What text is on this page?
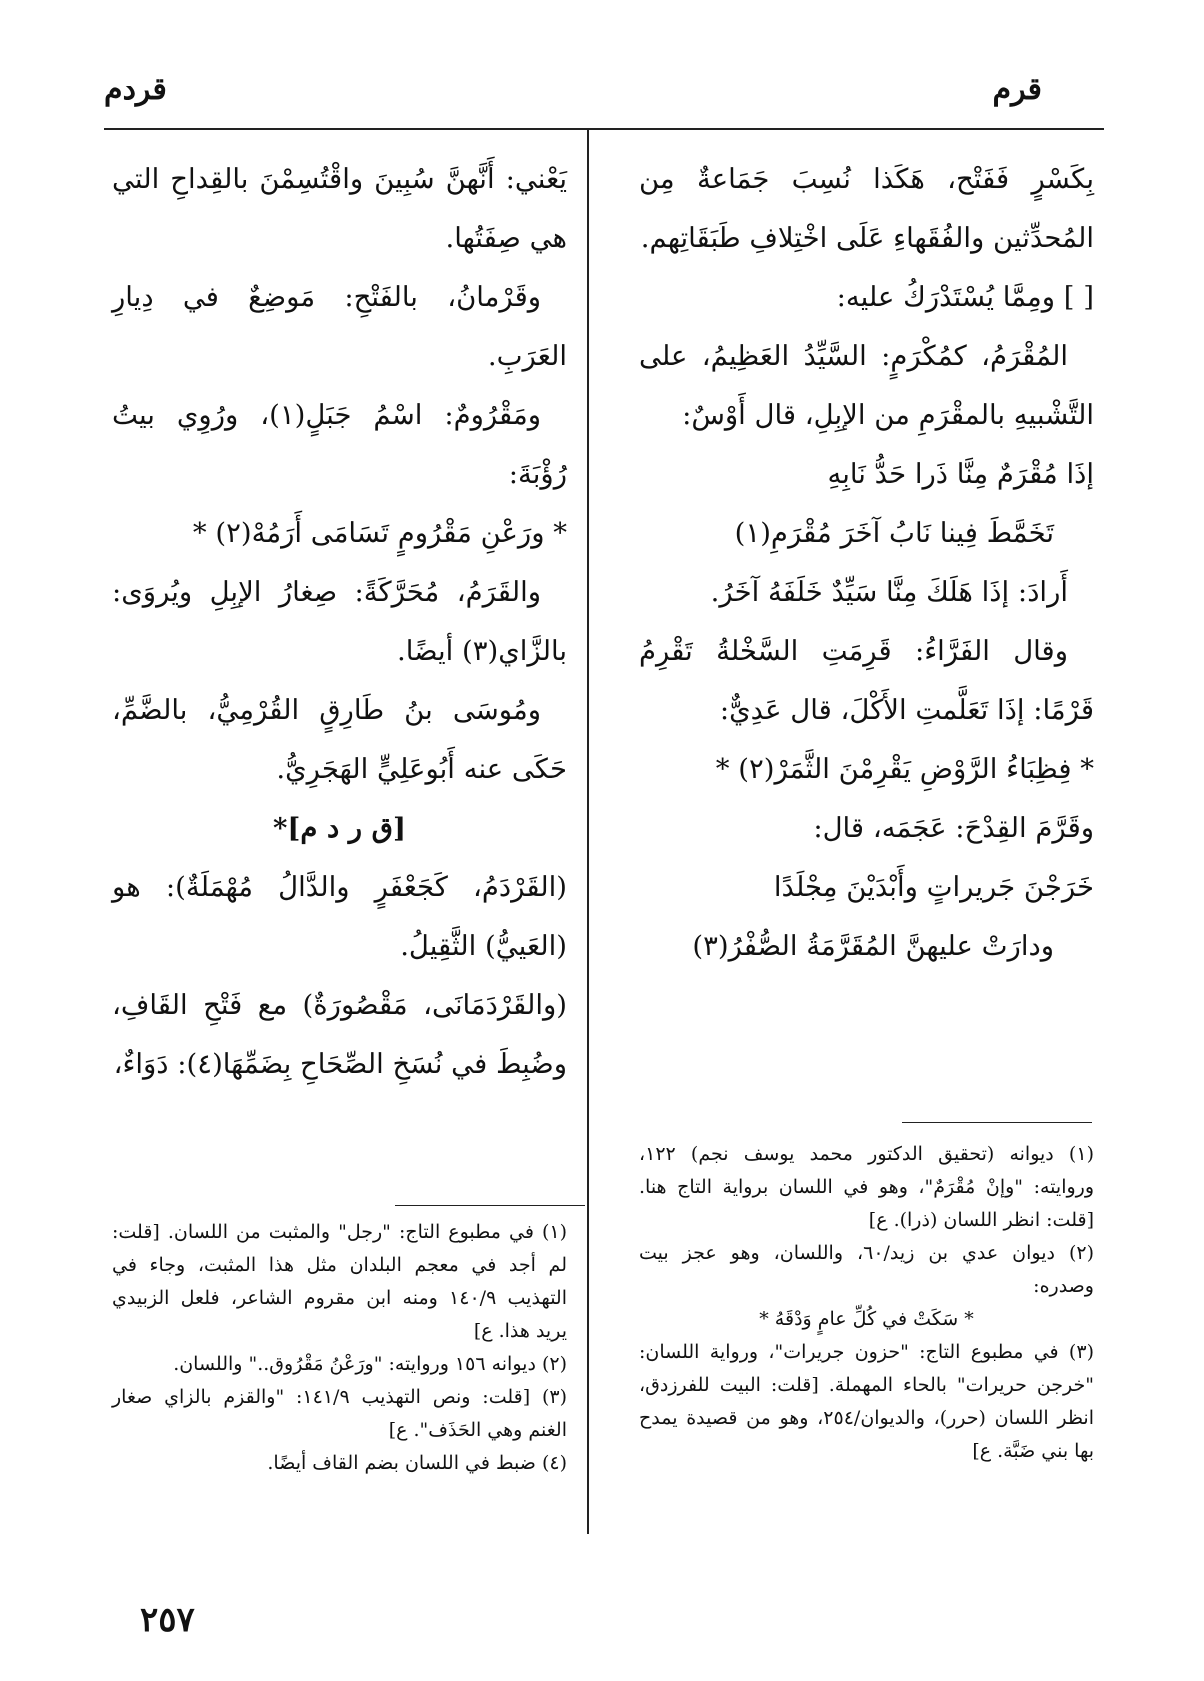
قرم
قردم

بِكَسْرٍ فَفَتْح، هَكَذا نُسِبَ جَمَاعةٌ مِن المُحدِّثين والفُقَهاءِ عَلَى اخْتِلافِ طَبَقَاتِهم.

[ ] ومِمَّا يُسْتَدْرَكُ عليه:

المُقْرَمُ، كمُكْرَمٍ: السَّيِّدُ العَظِيمُ، على التَّشْبيهِ بالمقْرَمِ من الإبِلِ، قال أَوْسٌ:

إذَا مُقْرَمٌ مِنَّا ذَرا حَدُّ نَابِهِ

تَخَمَّطَ فِينا نَابُ آخَرَ مُقْرَمِ(١)

أَرادَ: إذَا هَلَكَ مِنَّا سَيِّدٌ خَلَفَهُ آخَرُ.

وقال الفَرَّاءُ: قَرِمَتِ السَّخْلةُ تَقْرِمُ قَرْمًا: إذَا تَعَلَّمتِ الأَكْلَ، قال عَدِيٌّ:

* فِظِبَاءُ الرَّوْضِ يَقْرِمْنَ الثَّمَرْ(٢) *

وقَرَّمَ القِدْحَ: عَجَمَه، قال:

خَرَجْنَ جَريراتٍ وأَبْدَيْنَ مِجْلَدًا

ودارَتْ عليهنَّ المُقَرَّمَةُ الصُّفْرُ(٣)

(١) ديوانه (تحقيق الدكتور محمد يوسف نجم) ١٢٢، وروايته: "وإنْ مُقْرَمٌ"، وهو في اللسان برواية التاج هنا. [قلت: انظر اللسان (ذرا). ع]

(٢) ديوان عدي بن زيد/٦٠، واللسان، وهو عجز بيت وصدره:

* سَكَتْ في كُلِّ عامٍ وَدْقَهُ *

(٣) في مطبوع التاج: "حزون جريرات"، ورواية اللسان: "خرجن حريرات" بالحاء المهملة. [قلت: البيت للفرزدق، انظر اللسان (حرر)، والديوان/٢٥٤، وهو من قصيدة يمدح بها بني ضَبَّة. ع]

يَعْني: أَنَّهنَّ سُبِينَ واقْتُسِمْنَ بالقِداحِ التي هي صِفَتُها.

وقَرْمانُ، بالفَتْحِ: مَوضِعٌ في دِيارِ العَرَبِ.

ومَقْرُومٌ: اسْمُ جَبَلٍ(١)، ورُوِي بيتُ رُؤْبَةَ:

* ورَعْنِ مَقْرُومٍ تَسَامَى أَرَمُهْ(٢) *

والقَرَمُ، مُحَرَّكَةً: صِغارُ الإبِلِ ويُروَى: بالزَّاي(٣) أيضًا.

ومُوسَى بنُ طَارِقٍ القُرْمِيُّ، بالضَّمِّ، حَكَى عنه أَبُوعَلِيٍّ الهَجَرِيُّ.

[ق ر د م]*

(القَرْدَمُ، كَجَعْفَرٍ والدَّالُ مُهْمَلَةٌ): هو (العَييُّ) الثَّقِيلُ.

(والقَرْدَمَانَى، مَقْصُورَةٌ) مع فَتْحِ القَافِ، وضُبِطَ في نُسَخِ الصِّحَاحِ بِضَمِّهَا(٤): دَوَاءٌ،

(١) في مطبوع التاج: "رجل" والمثبت من اللسان. [قلت: لم أجد في معجم البلدان مثل هذا المثبت، وجاء في التهذيب ١٤٠/٩ ومنه ابن مقروم الشاعر، فلعل الزبيدي يريد هذا. ع]

(٢) ديوانه ١٥٦ وروايته: "ورَعْنُ مَقْرُوق.." واللسان.

(٣) [قلت: ونص التهذيب ١٤١/٩: "والقزم بالزاي صغار الغنم وهي الحَذَف". ع]

(٤) ضبط في اللسان بضم القاف أيضًا.

٢٥٧
